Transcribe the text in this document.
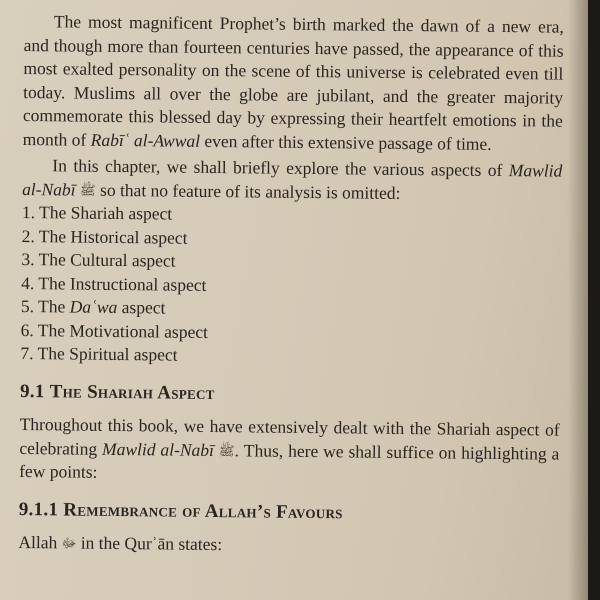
The most magnificent Prophet’s birth marked the dawn of a new era, and though more than fourteen centuries have passed, the appearance of this most exalted personality on the scene of this universe is celebrated even till today. Muslims all over the globe are jubilant, and the greater majority commemorate this blessed day by expressing their heartfelt emotions in the month of Rabīʿ al-Awwal even after this extensive passage of time.

In this chapter, we shall briefly explore the various aspects of Mawlid al-Nabī ﷺ so that no feature of its analysis is omitted:

1. The Shariah aspect
2. The Historical aspect
3. The Cultural aspect
4. The Instructional aspect
5. The Daʿwa aspect
6. The Motivational aspect
7. The Spiritual aspect
9.1 The Shariah Aspect

Throughout this book, we have extensively dealt with the Shariah aspect of celebrating Mawlid al-Nabī ﷺ. Thus, here we shall suffice on highlighting a few points:

9.1.1 Remembrance of Allah’s Favours

Allah ﷻ in the Qurʾān states:
